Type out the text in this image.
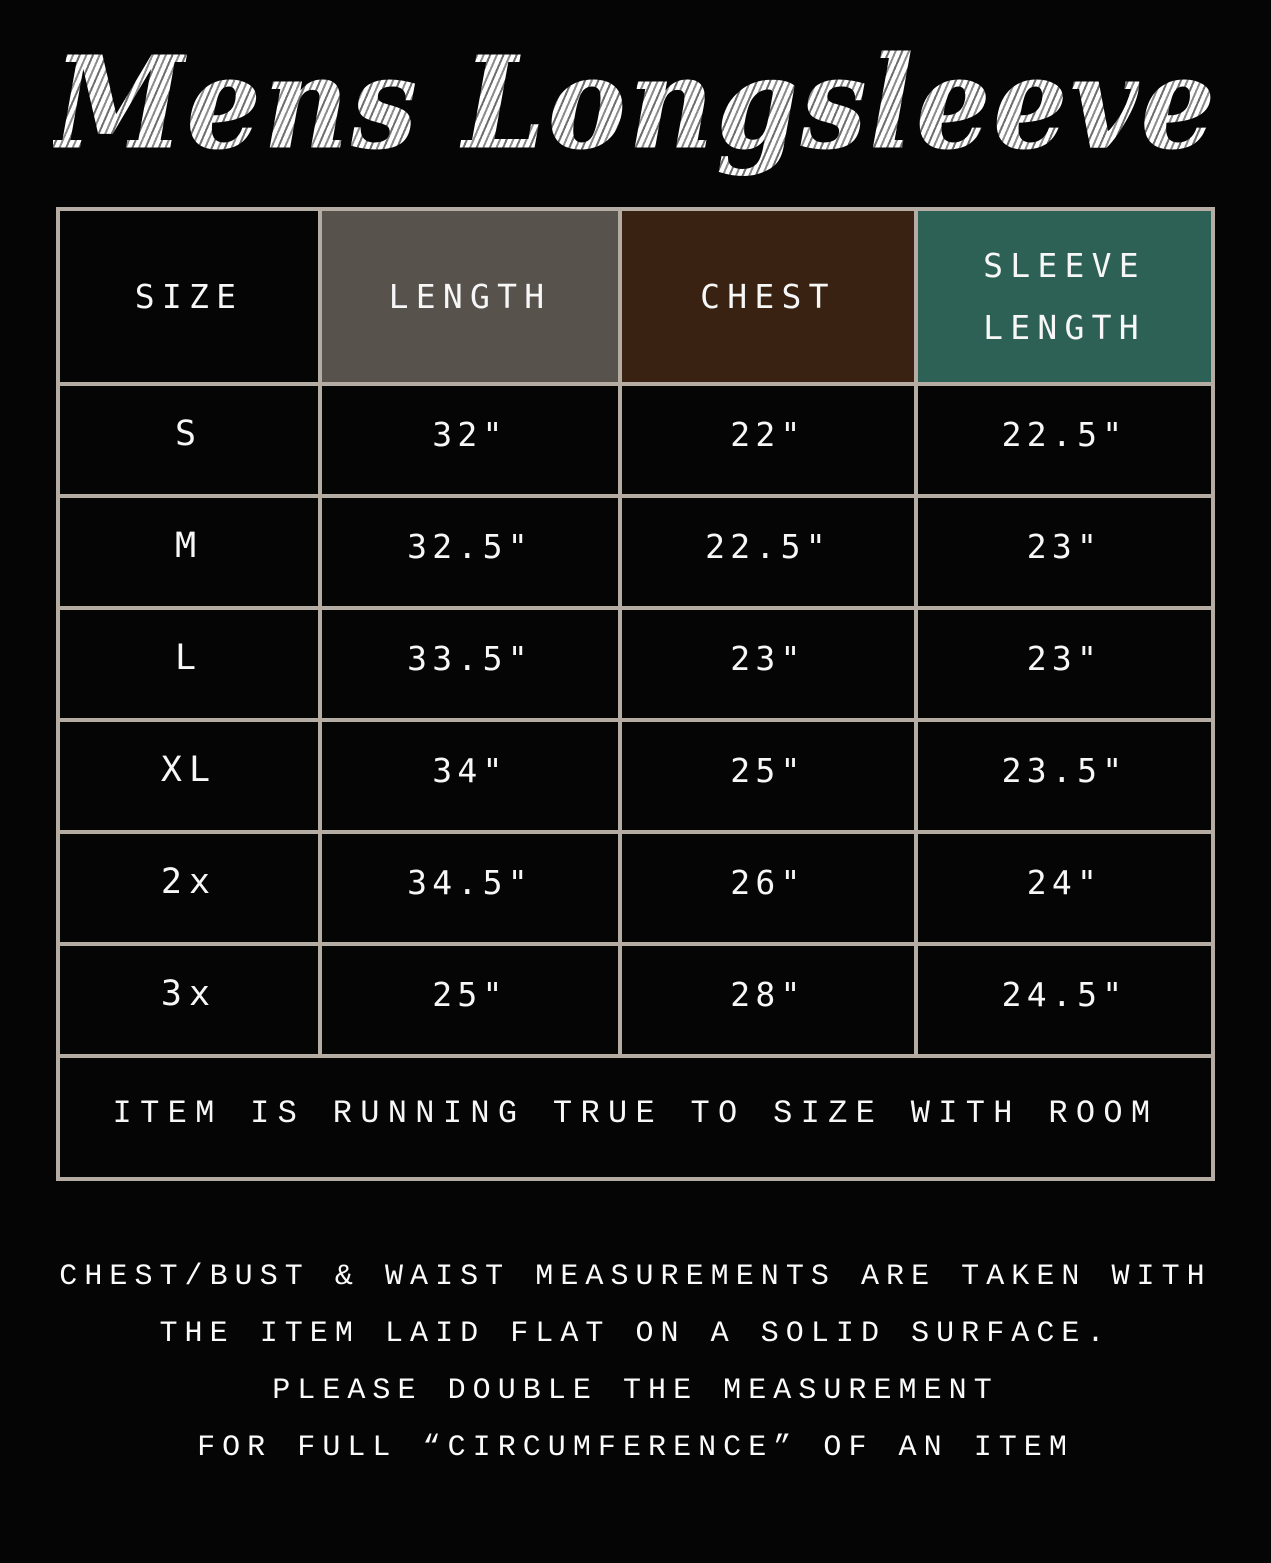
Mens Longsleeve
SIZE	LENGTH	CHEST	SLEEVE LENGTH
S	32"	22"	22.5"
M	32.5"	22.5"	23"
L	33.5"	23"	23"
XL	34"	25"	23.5"
2x	34.5"	26"	24"
3x	25"	28"	24.5"
ITEM IS RUNNING TRUE TO SIZE WITH ROOM			
CHEST/BUST & WAIST MEASUREMENTS ARE TAKEN WITH
THE ITEM LAID FLAT ON A SOLID SURFACE.
PLEASE DOUBLE THE MEASUREMENT
FOR FULL “CIRCUMFERENCE” OF AN ITEM
